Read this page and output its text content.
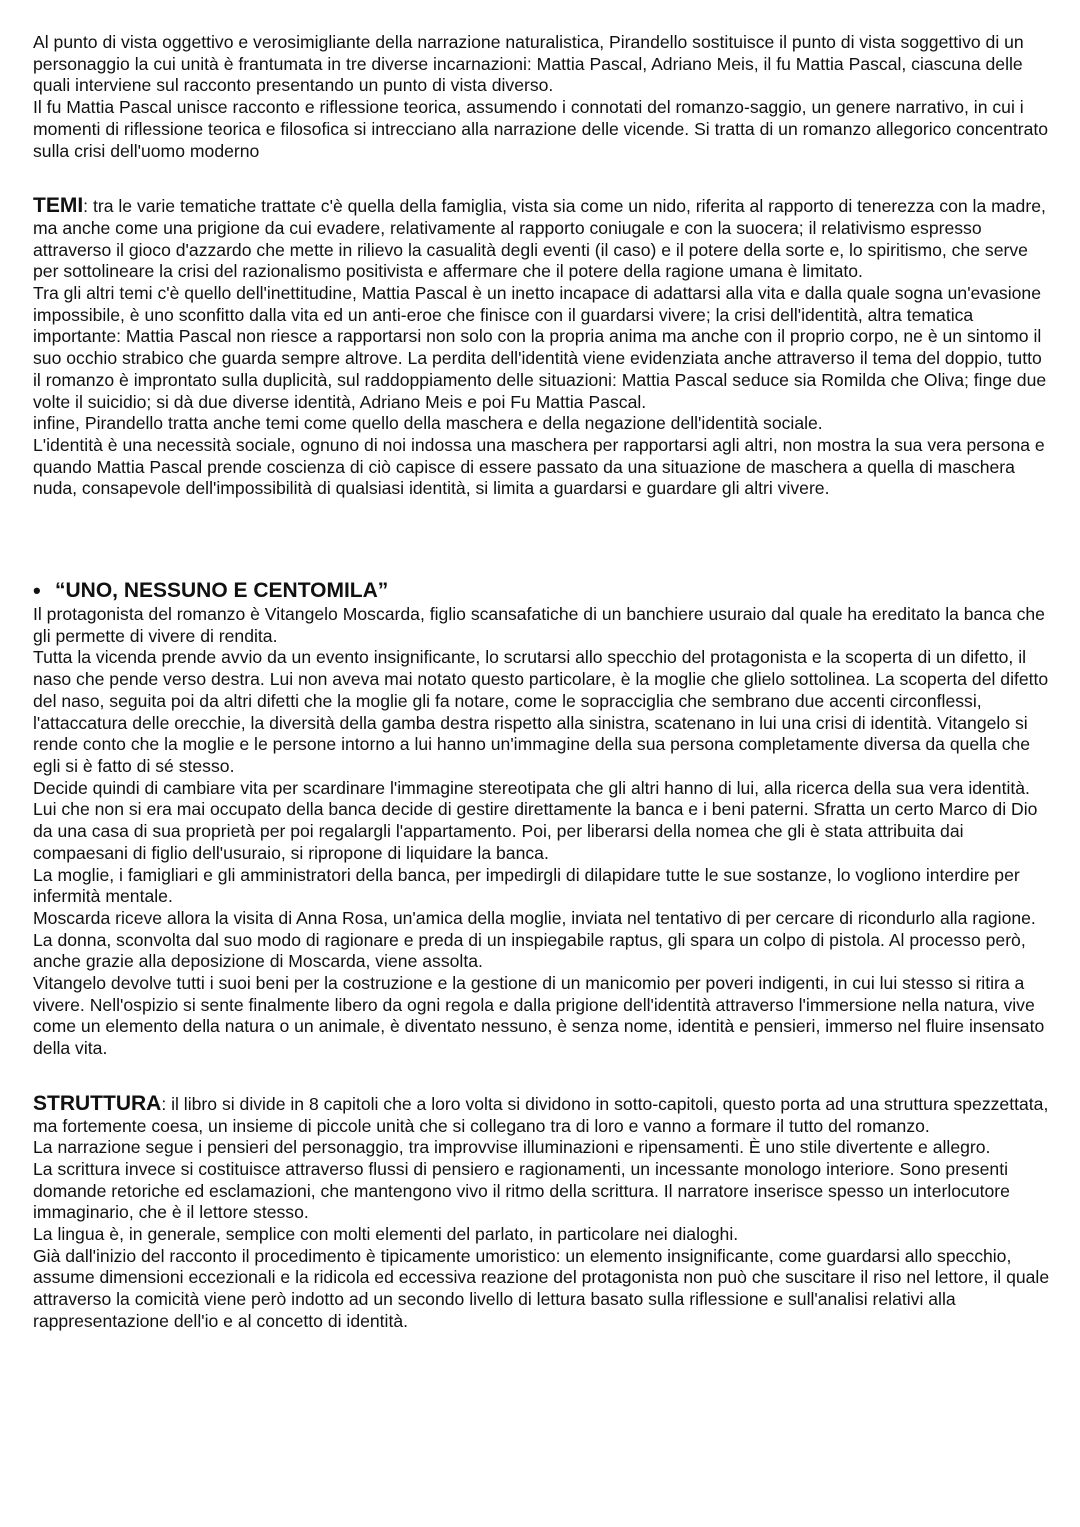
Al punto di vista oggettivo e verosimigliante della narrazione naturalistica, Pirandello sostituisce il punto di vista soggettivo di un personaggio la cui unità è frantumata in tre diverse incarnazioni: Mattia Pascal, Adriano Meis, il fu Mattia Pascal, ciascuna delle quali interviene sul racconto presentando un punto di vista diverso.

Il fu Mattia Pascal unisce racconto e riflessione teorica, assumendo i connotati del romanzo-saggio, un genere narrativo, in cui i momenti di riflessione teorica e filosofica si intrecciano alla narrazione delle vicende. Si tratta di un romanzo allegorico concentrato sulla crisi dell'uomo moderno

TEMI: tra le varie tematiche trattate c'è quella della famiglia, vista sia come un nido, riferita al rapporto di tenerezza con la madre, ma anche come una prigione da cui evadere, relativamente al rapporto coniugale e con la suocera; il relativismo espresso attraverso il gioco d'azzardo che mette in rilievo la casualità degli eventi (il caso) e il potere della sorte e, lo spiritismo, che serve per sottolineare la crisi del razionalismo positivista e affermare che il potere della ragione umana è limitato.

Tra gli altri temi c'è quello dell'inettitudine, Mattia Pascal è un inetto incapace di adattarsi alla vita e dalla quale sogna un'evasione impossibile, è uno sconfitto dalla vita ed un anti-eroe che finisce con il guardarsi vivere; la crisi dell'identità, altra tematica importante: Mattia Pascal non riesce a rapportarsi non solo con la propria anima ma anche con il proprio corpo, ne è un sintomo il suo occhio strabico che guarda sempre altrove. La perdita dell'identità viene evidenziata anche attraverso il tema del doppio, tutto il romanzo è improntato sulla duplicità, sul raddoppiamento delle situazioni: Mattia Pascal seduce sia Romilda che Oliva; finge due volte il suicidio; si dà due diverse identità, Adriano Meis e poi Fu Mattia Pascal.

infine, Pirandello tratta anche temi come quello della maschera e della negazione dell'identità sociale.

L'identità è una necessità sociale, ognuno di noi indossa una maschera per rapportarsi agli altri, non mostra la sua vera persona e quando Mattia Pascal prende coscienza di ciò capisce di essere passato da una situazione de maschera a quella di maschera nuda, consapevole dell'impossibilità di qualsiasi identità, si limita a guardarsi e guardare gli altri vivere.

• “UNO, NESSUNO E CENTOMILA”

Il protagonista del romanzo è Vitangelo Moscarda, figlio scansafatiche di un banchiere usuraio dal quale ha ereditato la banca che gli permette di vivere di rendita.

Tutta la vicenda prende avvio da un evento insignificante, lo scrutarsi allo specchio del protagonista e la scoperta di un difetto, il naso che pende verso destra. Lui non aveva mai notato questo particolare, è la moglie che glielo sottolinea. La scoperta del difetto del naso, seguita poi da altri difetti che la moglie gli fa notare, come le sopracciglia che sembrano due accenti circonflessi, l'attaccatura delle orecchie, la diversità della gamba destra rispetto alla sinistra, scatenano in lui una crisi di identità. Vitangelo si rende conto che la moglie e le persone intorno a lui hanno un'immagine della sua persona completamente diversa da quella che egli si è fatto di sé stesso.

Decide quindi di cambiare vita per scardinare l'immagine stereotipata che gli altri hanno di lui, alla ricerca della sua vera identità.

Lui che non si era mai occupato della banca decide di gestire direttamente la banca e i beni paterni. Sfratta un certo Marco di Dio da una casa di sua proprietà per poi regalargli l'appartamento. Poi, per liberarsi della nomea che gli è stata attribuita dai compaesani di figlio dell'usuraio, si ripropone di liquidare la banca.

La moglie, i famigliari e gli amministratori della banca, per impedirgli di dilapidare tutte le sue sostanze, lo vogliono interdire per infermità mentale.

Moscarda riceve allora la visita di Anna Rosa, un'amica della moglie, inviata nel tentativo di per cercare di ricondurlo alla ragione. La donna, sconvolta dal suo modo di ragionare e preda di un inspiegabile raptus, gli spara un colpo di pistola. Al processo però, anche grazie alla deposizione di Moscarda, viene assolta.

Vitangelo devolve tutti i suoi beni per la costruzione e la gestione di un manicomio per poveri indigenti, in cui lui stesso si ritira a vivere. Nell'ospizio si sente finalmente libero da ogni regola e dalla prigione dell'identità attraverso l'immersione nella natura, vive come un elemento della natura o un animale, è diventato nessuno, è senza nome, identità e pensieri, immerso nel fluire insensato della vita.

STRUTTURA: il libro si divide in 8 capitoli che a loro volta si dividono in sotto-capitoli, questo porta ad una struttura spezzettata, ma fortemente coesa, un insieme di piccole unità che si collegano tra di loro e vanno a formare il tutto del romanzo.

La narrazione segue i pensieri del personaggio, tra improvvise illuminazioni e ripensamenti. È uno stile divertente e allegro.

La scrittura invece si costituisce attraverso flussi di pensiero e ragionamenti, un incessante monologo interiore. Sono presenti domande retoriche ed esclamazioni, che mantengono vivo il ritmo della scrittura. Il narratore inserisce spesso un interlocutore immaginario, che è il lettore stesso.

La lingua è, in generale, semplice con molti elementi del parlato, in particolare nei dialoghi.

Già dall'inizio del racconto il procedimento è tipicamente umoristico: un elemento insignificante, come guardarsi allo specchio, assume dimensioni eccezionali e la ridicola ed eccessiva reazione del protagonista non può che suscitare il riso nel lettore, il quale attraverso la comicità viene però indotto ad un secondo livello di lettura basato sulla riflessione e sull'analisi relativi alla rappresentazione dell'io e al concetto di identità.
